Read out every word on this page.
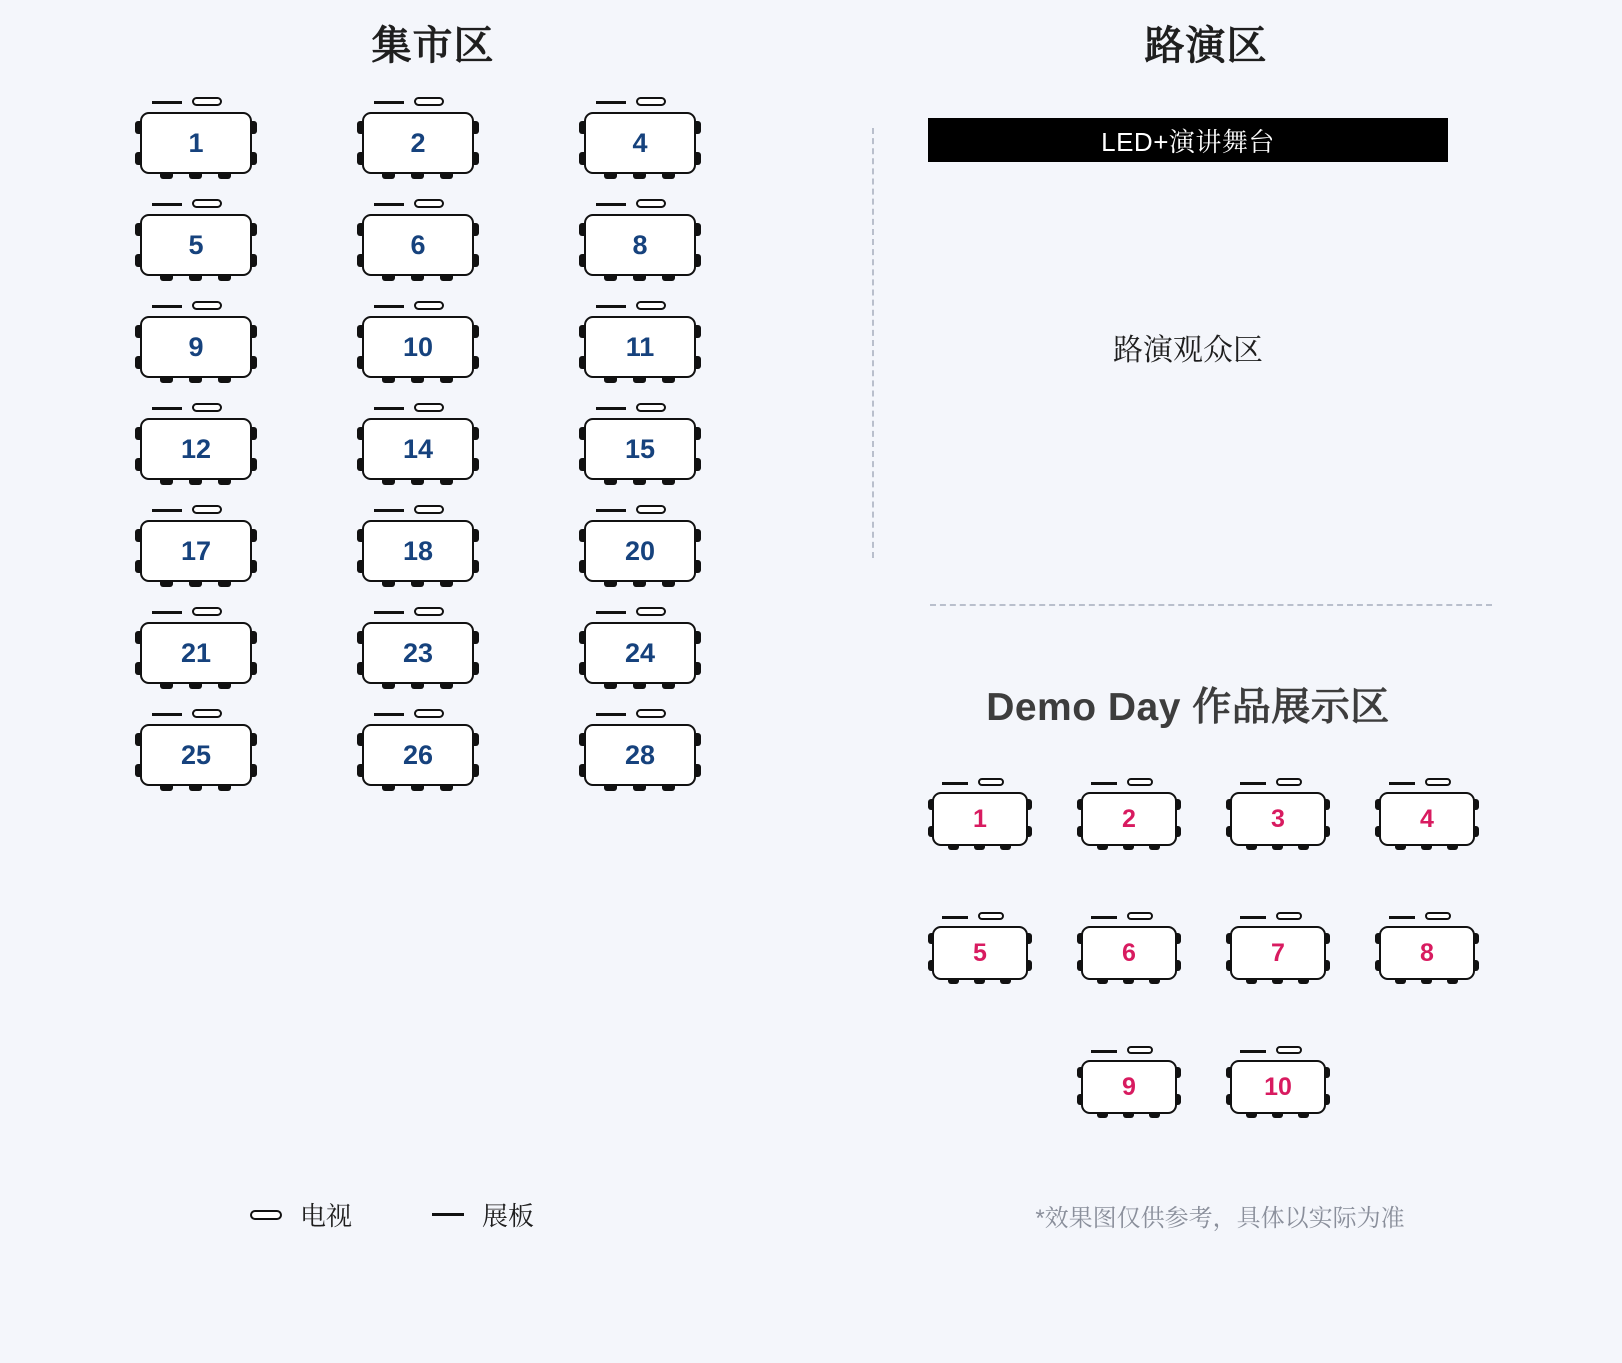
集市区	路演区
1	2	4
5	6	8
9	10	11
12	14	15
17	18	20
21	23	24
25	26	28
LED+演讲舞台
路演观众区
Demo Day 作品展示区
1	2	3	4
5	6	7	8
9	10
电视	展板	*效果图仅供参考，具体以实际为准
